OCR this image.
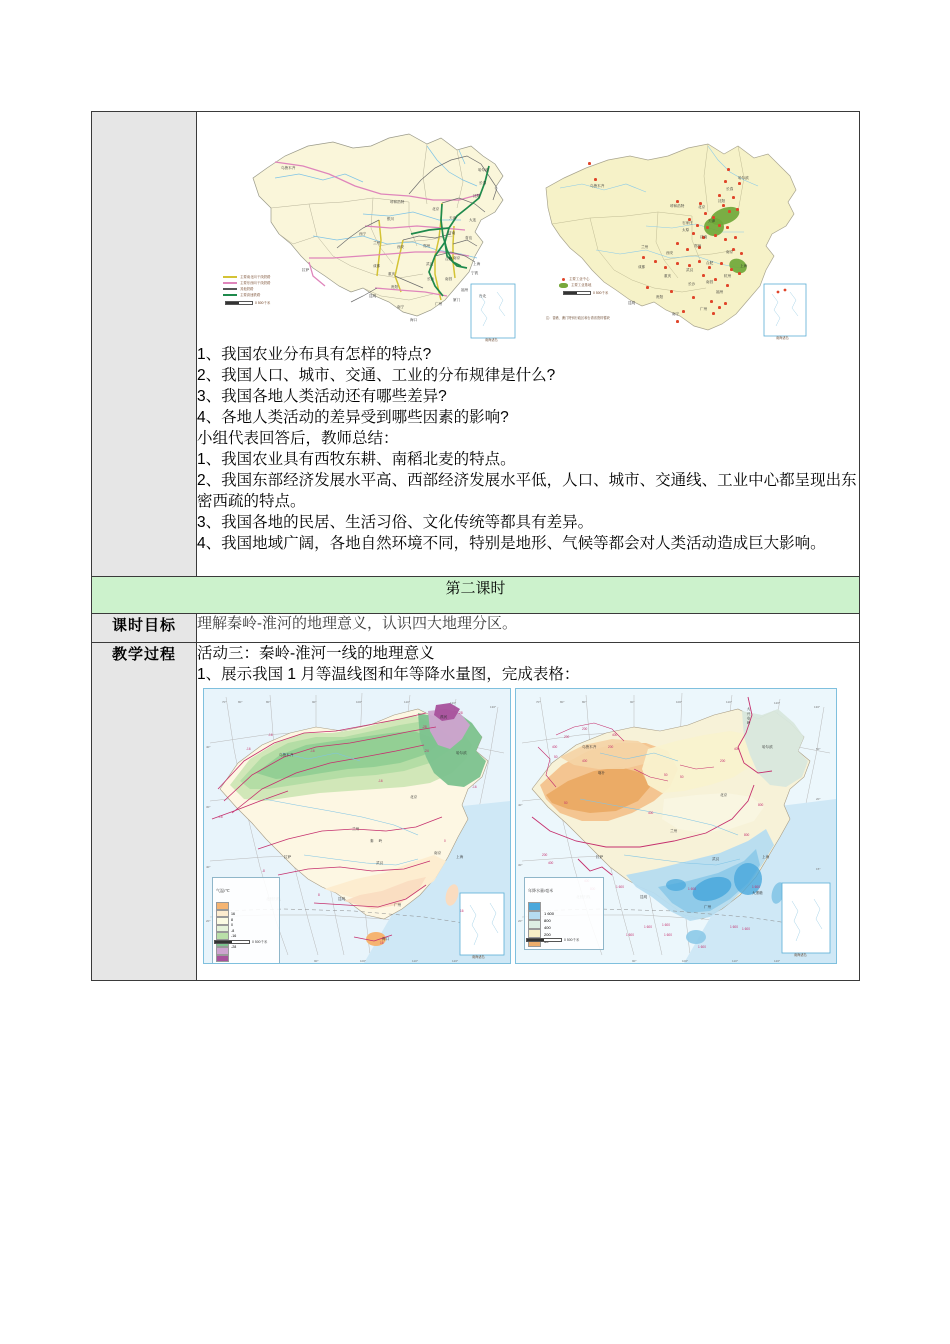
哈尔滨
长春
沈阳
北京
天津	大连
呼和浩特
乌鲁木齐
西宁
兰州
银川
拉萨
西安	郑州
济南
青岛
南京
上海
宁波
合肥
武汉
成都
重庆
长沙	南昌
福州
厦门
贵阳
昆明
南宁
广州
台北
海口
主要南北向干线铁路
主要东西向干线铁路
其他铁路
主要高速铁路
0 500千米
南海诸岛
哈尔滨
长春
沈阳
北京
天津
呼和浩特
乌鲁木齐
石家庄
太原
济南
郑州
西安
兰州
南京
合肥
上海
杭州
成都
重庆
武汉
长沙	南昌
福州
贵阳
昆明
南宁
广州
主要工业中心
主要工业基地
0 500千米
注：香港、澳门特别行政区和台湾省资料暂缺
南海诸岛
1、我国农业分布具有怎样的特点?
2、我国人口、城市、交通、工业的分布规律是什么?
3、我国各地人类活动还有哪些差异?
4、各地人类活动的差异受到哪些因素的影响?
小组代表回答后，教师总结：
1、我国农业具有西牧东耕、南稻北麦的特点。
2、我国东部经济发展水平高、西部经济发展水平低，人口、城市、交通线、工业中心都呈现出东密西疏的特点。
3、我国各地的民居、生活习俗、文化传统等都具有差异。
4、我国地域广阔，各地自然环境不同，特别是地形、气候等都会对人类活动造成巨大影响。

第二课时	
课时目标	理解秦岭-淮河的地理意义，认识四大地理分区。
教学过程	活动三：秦岭-淮河一线的地理意义
1、展示我国 1 月等温线图和年等降水量图，完成表格：
乌鲁木齐	哈尔滨
漠河
北京
兰州
拉萨
南京
上海
武汉
昆明
广州
海口
秦 岭
-16
-16	-16
-16
-16
-16
-24
-28
-28
-8
0
8
16
16
70°	80°	80°	90°	100°	110°	120°
130°
40°
30°
40°
20°
90°	100°	110°	120°
气温/℃
16
8
0
-8
-16
-28
0 500千米
南海诸岛
乌鲁木齐
喀什
哈尔滨
北京
兰州
拉萨	上海
武汉
昆明
广州
大堡礁
大兴安岭
200
200	400
200
50
400
400
50
50	50
400
200
400
200
400
800
800
1 600	1 600	1 600
1 600	1 600
1 600
1 600
1 600 1 600
1 600
70°	80°	80°	90°	100°	110°	120°
130°
50°
20°
15°
40°
30°
20°
90°	100°	110°	120°
年降水量/毫米
1 600
800
400
200
0 500千米
南海诸岛
